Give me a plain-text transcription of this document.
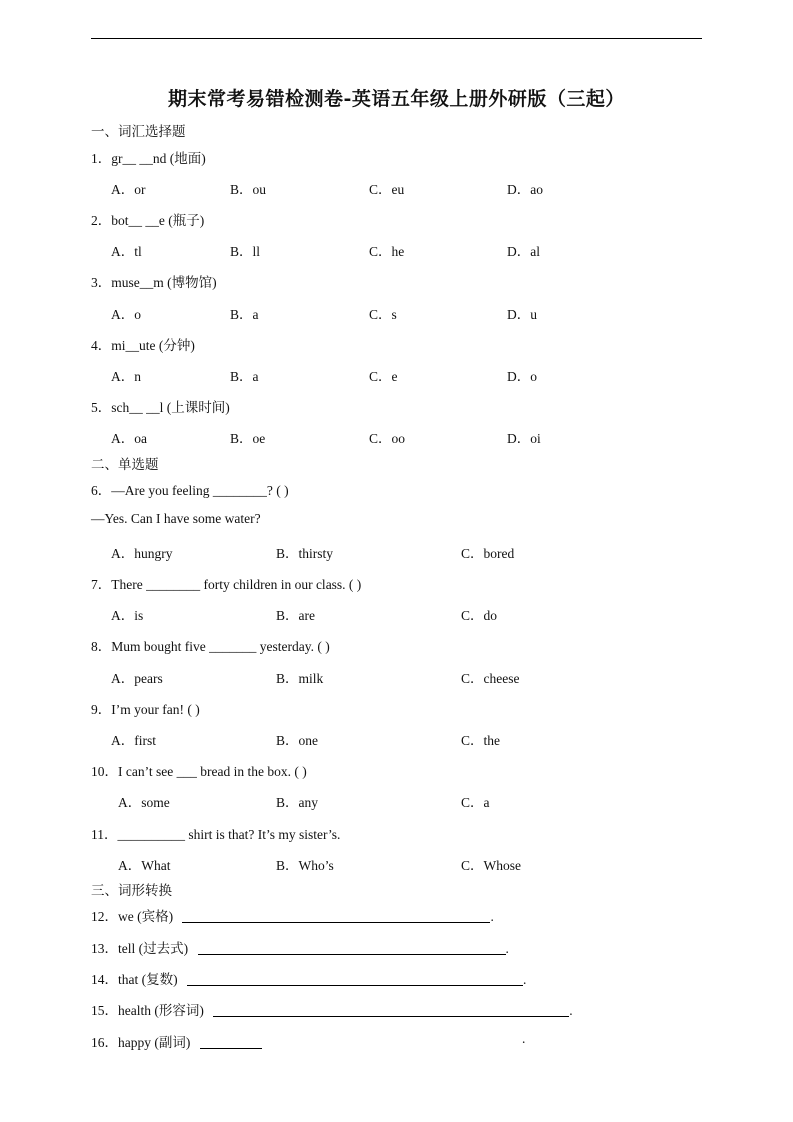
期末常考易错检测卷-英语五年级上册外研版（三起）
一、词汇选择题
1．gr__ __nd (地面)
A．or	B．ou	C．eu	D．ao
2．bot__ __e (瓶子)
A．tl	B．ll	C．he	D．al
3．muse__m (博物馆)
A．o	B．a	C．s	D．u
4．mi__ute (分钟)
A．n	B．a	C．e	D．o
5．sch__ __l (上课时间)
A．oa	B．oe	C．oo	D．oi
二、单选题
6．—Are you feeling ________? ( )
—Yes. Can I have some water?
A．hungry	B．thirsty	C．bored
7．There ________ forty children in our class. ( )
A．is	B．are	C．do
8．Mum bought five _______ yesterday. ( )
A．pears	B．milk	C．cheese
9．I’m your fan! ( )
A．first	B．one	C．the
10．I can’t see ___ bread in the box. ( )
A．some	B．any	C．a
11．__________ shirt is that? It’s my sister’s.
A．What	B．Who’s	C．Whose
三、词形转换
12．we (宾格)	.
13．tell (过去式)	.
14．that (复数)	.
15．health (形容词)	.
16．happy (副词)	.
